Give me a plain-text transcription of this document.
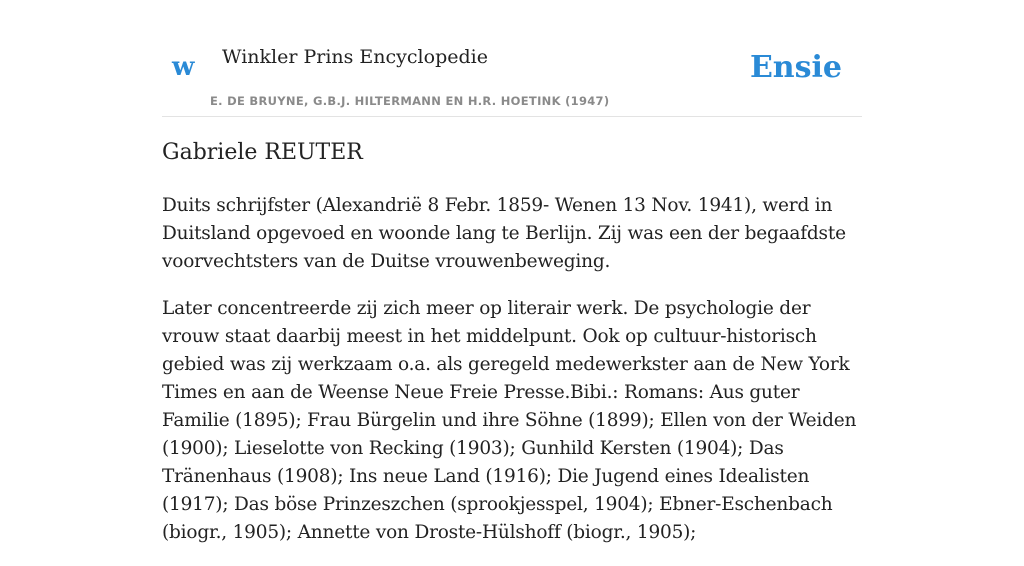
w Winkler Prins Encyclopedie
E. DE BRUYNE, G.B.J. HILTERMANN EN H.R. HOETINK (1947)
Ensie
Gabriele REUTER

Duits schrijfster (Alexandrië 8 Febr. 1859- Wenen 13 Nov. 1941), werd in Duitsland opgevoed en woonde lang te Berlijn. Zij was een der begaafdste voorvechtsters van de Duitse vrouwenbeweging.

Later concentreerde zij zich meer op literair werk. De psychologie der vrouw staat daarbij meest in het middelpunt. Ook op cultuur-historisch gebied was zij werkzaam o.a. als geregeld medewerkster aan de New York Times en aan de Weense Neue Freie Presse.Bibi.: Romans: Aus guter Familie (1895); Frau Bürgelin und ihre Söhne (1899); Ellen von der Weiden (1900); Lieselotte von Recking (1903); Gunhild Kersten (1904); Das Tränenhaus (1908); Ins neue Land (1916); Die Jugend eines Idealisten (1917); Das böse Prinzeszchen (sprookjesspel, 1904); Ebner-Eschenbach (biogr., 1905); Annette von Droste-Hülshoff (biogr., 1905);
